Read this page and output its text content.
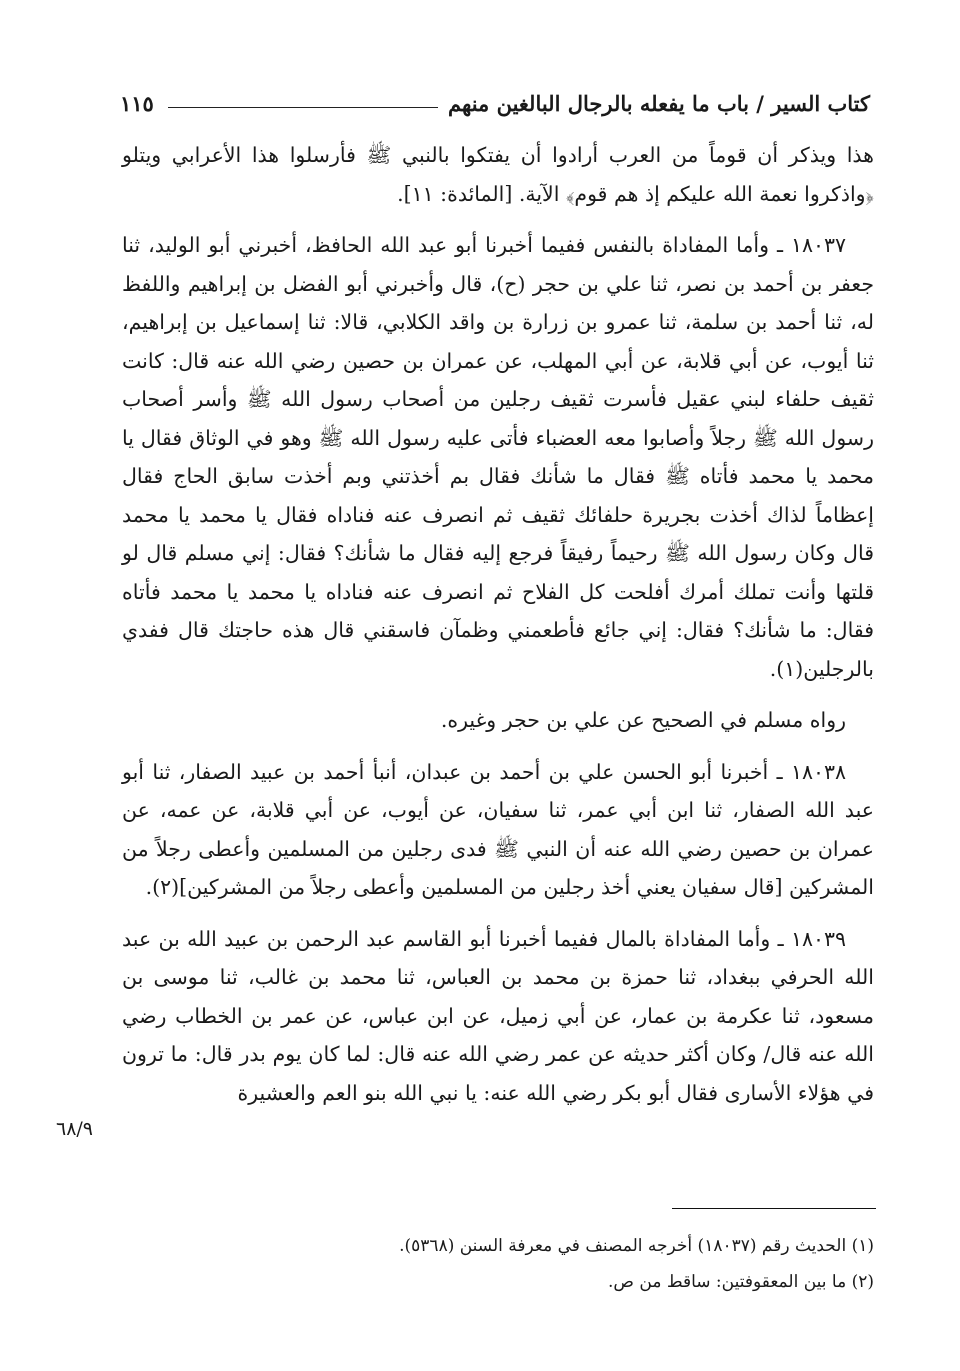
كتاب السير / باب ما يفعله بالرجال البالغين منهم
١١٥

هذا ويذكر أن قوماً من العرب أرادوا أن يفتكوا بالنبي ﷺ فأرسلوا هذا الأعرابي ويتلو ﴿واذكروا نعمة الله عليكم إذ هم قوم﴾ الآية. [المائدة: ١١].

١٨٠٣٧ ـ وأما المفاداة بالنفس ففيما أخبرنا أبو عبد الله الحافظ، أخبرني أبو الوليد، ثنا جعفر بن أحمد بن نصر، ثنا علي بن حجر (ح)، قال وأخبرني أبو الفضل بن إبراهيم واللفظ له، ثنا أحمد بن سلمة، ثنا عمرو بن زرارة بن واقد الكلابي، قالا: ثنا إسماعيل بن إبراهيم، ثنا أيوب، عن أبي قلابة، عن أبي المهلب، عن عمران بن حصين رضي الله عنه قال: كانت ثقيف حلفاء لبني عقيل فأسرت ثقيف رجلين من أصحاب رسول الله ﷺ وأسر أصحاب رسول الله ﷺ رجلاً وأصابوا معه العضباء فأتى عليه رسول الله ﷺ وهو في الوثاق فقال يا محمد يا محمد فأتاه ﷺ فقال ما شأنك فقال بم أخذتني وبم أخذت سابق الحاج فقال إعظاماً لذاك أخذت بجريرة حلفائك ثقيف ثم انصرف عنه فناداه فقال يا محمد يا محمد قال وكان رسول الله ﷺ رحيماً رفيقاً فرجع إليه فقال ما شأنك؟ فقال: إني مسلم قال لو قلتها وأنت تملك أمرك أفلحت كل الفلاح ثم انصرف عنه فناداه يا محمد يا محمد فأتاه فقال: ما شأنك؟ فقال: إني جائع فأطعمني وظمآن فاسقني قال هذه حاجتك قال ففدي بالرجلين(١).

رواه مسلم في الصحيح عن علي بن حجر وغيره.

١٨٠٣٨ ـ أخبرنا أبو الحسن علي بن أحمد بن عبدان، أنبأ أحمد بن عبيد الصفار، ثنا أبو عبد الله الصفار، ثنا ابن أبي عمر، ثنا سفيان، عن أيوب، عن أبي قلابة، عن عمه، عن عمران بن حصين رضي الله عنه أن النبي ﷺ فدى رجلين من المسلمين وأعطى رجلاً من المشركين [قال سفيان يعني أخذ رجلين من المسلمين وأعطى رجلاً من المشركين](٢).

١٨٠٣٩ ـ وأما المفاداة بالمال ففيما أخبرنا أبو القاسم عبد الرحمن بن عبيد الله بن عبد الله الحرفي ببغداد، ثنا حمزة بن محمد بن العباس، ثنا محمد بن غالب، ثنا موسى بن مسعود، ثنا عكرمة بن عمار، عن أبي زميل، عن ابن عباس، عن عمر بن الخطاب رضي الله عنه قال/ وكان أكثر حديثه عن عمر رضي الله عنه قال: لما كان يوم بدر قال: ما ترون في هؤلاء الأسارى فقال أبو بكر رضي الله عنه: يا نبي الله بنو العم والعشيرة

٦٨/٩

(١) الحديث رقم (١٨٠٣٧) أخرجه المصنف في معرفة السنن (٥٣٦٨).

(٢) ما بين المعقوفتين: ساقط من ص.
